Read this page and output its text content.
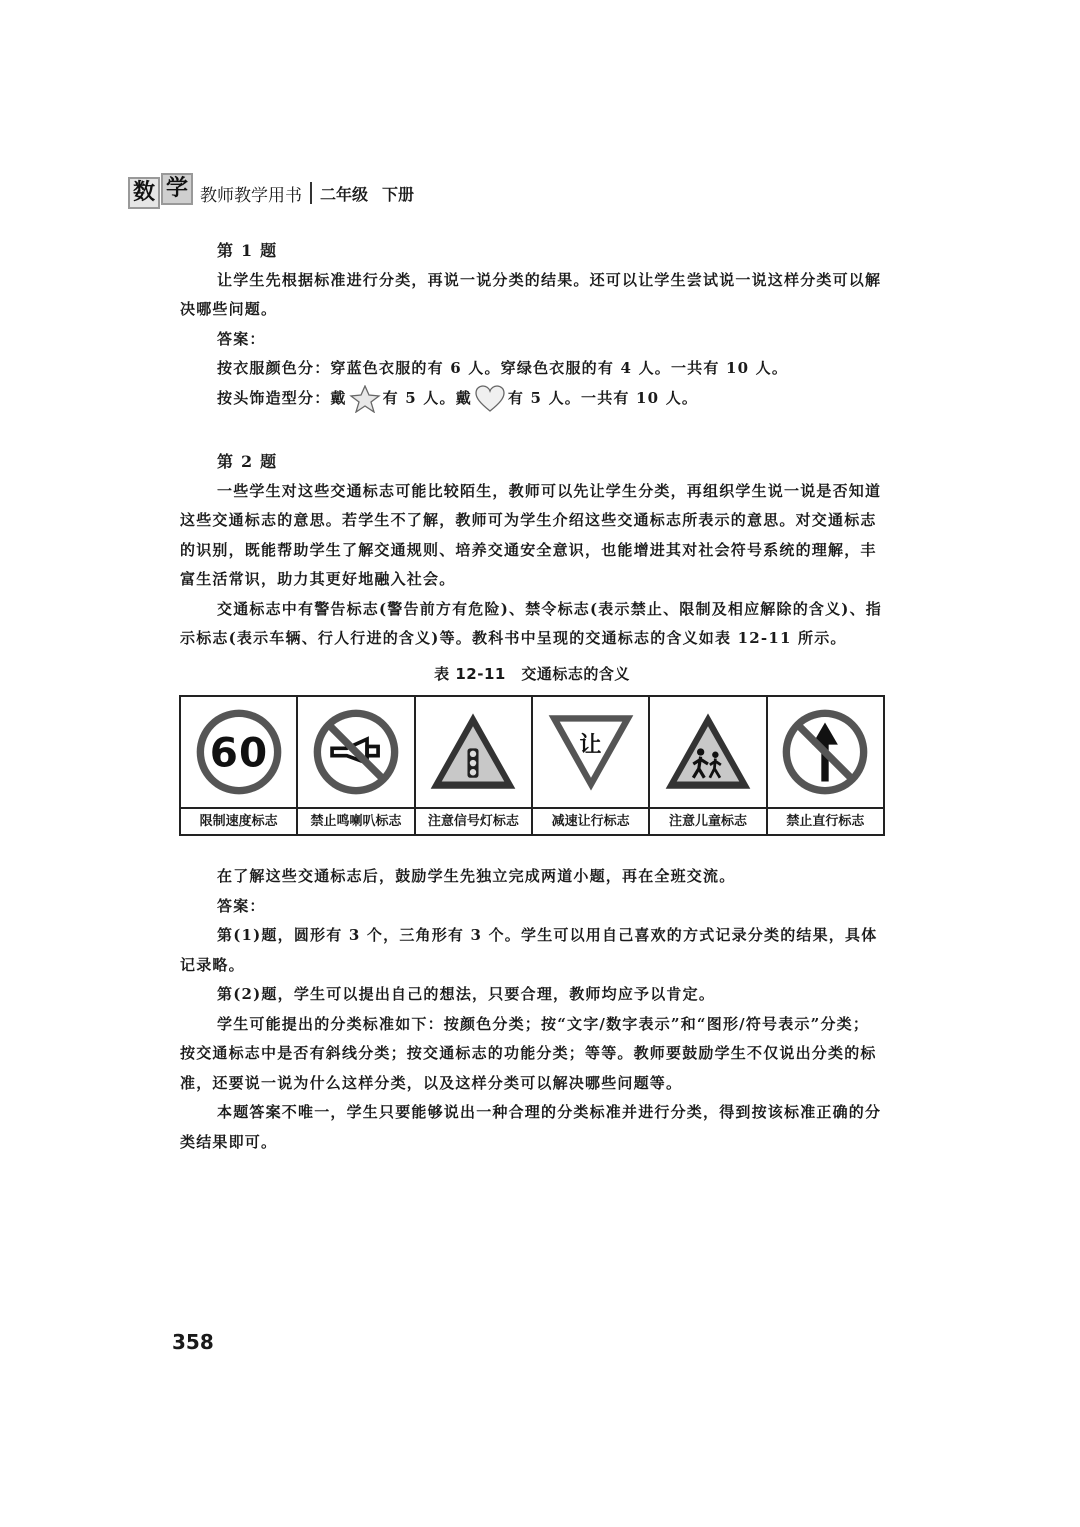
数 学 教师教学用书 二年级 下册

第 1 题

让学生先根据标准进行分类，再说一说分类的结果。还可以让学生尝试说一说这样分类可以解决哪些问题。

答案：

按衣服颜色分：穿蓝色衣服的有 6 人。穿绿色衣服的有 4 人。一共有 10 人。

按头饰造型分：戴 有 5 人。戴 有 5 人。一共有 10 人。

第 2 题

一些学生对这些交通标志可能比较陌生，教师可以先让学生分类，再组织学生说一说是否知道这些交通标志的意思。若学生不了解，教师可为学生介绍这些交通标志所表示的意思。对交通标志的识别，既能帮助学生了解交通规则、培养交通安全意识，也能增进其对社会符号系统的理解，丰富生活常识，助力其更好地融入社会。

交通标志中有警告标志(警告前方有危险)、禁令标志(表示禁止、限制及相应解除的含义)、指示标志(表示车辆、行人行进的含义)等。教科书中呈现的交通标志的含义如表 12-11 所示。

表 12-11　交通标志的含义
60			让

限制速度标志	禁止鸣喇叭标志	注意信号灯标志	减速让行标志	注意儿童标志	禁止直行标志

在了解这些交通标志后，鼓励学生先独立完成两道小题，再在全班交流。

答案：

第(1)题，圆形有 3 个，三角形有 3 个。学生可以用自己喜欢的方式记录分类的结果，具体记录略。

第(2)题，学生可以提出自己的想法，只要合理，教师均应予以肯定。

学生可能提出的分类标准如下：按颜色分类；按“文字/数字表示”和“图形/符号表示”分类；按交通标志中是否有斜线分类；按交通标志的功能分类；等等。教师要鼓励学生不仅说出分类的标准，还要说一说为什么这样分类，以及这样分类可以解决哪些问题等。

本题答案不唯一，学生只要能够说出一种合理的分类标准并进行分类，得到按该标准正确的分类结果即可。

358
